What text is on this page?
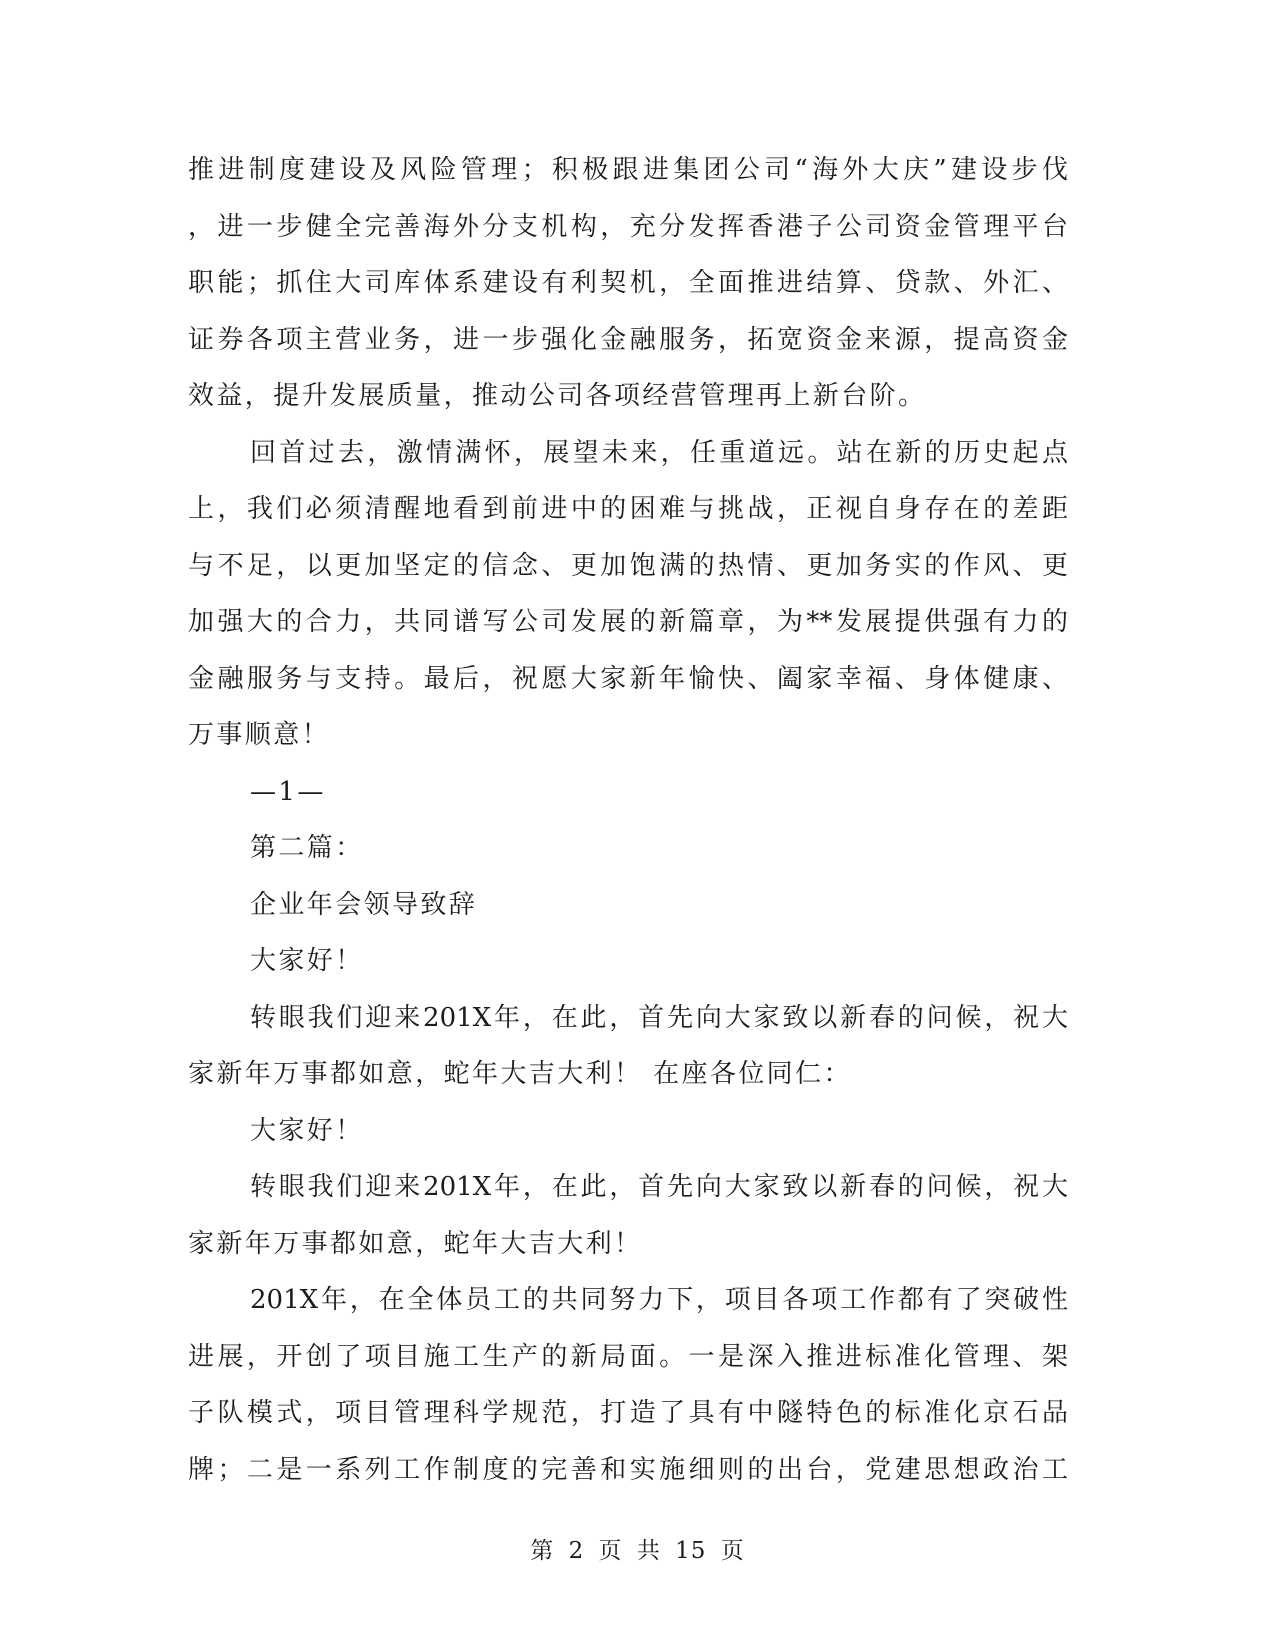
推进制度建设及风险管理；积极跟进集团公司“海外大庆”建设步伐
，进一步健全完善海外分支机构，充分发挥香港子公司资金管理平台
职能；抓住大司库体系建设有利契机，全面推进结算、贷款、外汇、
证券各项主营业务，进一步强化金融服务，拓宽资金来源，提高资金
效益，提升发展质量，推动公司各项经营管理再上新台阶。
回首过去，激情满怀，展望未来，任重道远。站在新的历史起点
上，我们必须清醒地看到前进中的困难与挑战，正视自身存在的差距
与不足，以更加坚定的信念、更加饱满的热情、更加务实的作风、更
加强大的合力，共同谱写公司发展的新篇章，为**发展提供强有力的
金融服务与支持。最后，祝愿大家新年愉快、阖家幸福、身体健康、
万事顺意！
—1—
第二篇：
企业年会领导致辞
大家好！
转眼我们迎来201X年，在此，首先向大家致以新春的问候，祝大
家新年万事都如意，蛇年大吉大利！ 在座各位同仁：
大家好！
转眼我们迎来201X年，在此，首先向大家致以新春的问候，祝大
家新年万事都如意，蛇年大吉大利！
201X年，在全体员工的共同努力下，项目各项工作都有了突破性
进展，开创了项目施工生产的新局面。一是深入推进标准化管理、架
子队模式，项目管理科学规范，打造了具有中隧特色的标准化京石品
牌；二是一系列工作制度的完善和实施细则的出台，党建思想政治工
第 2 页 共 15 页
